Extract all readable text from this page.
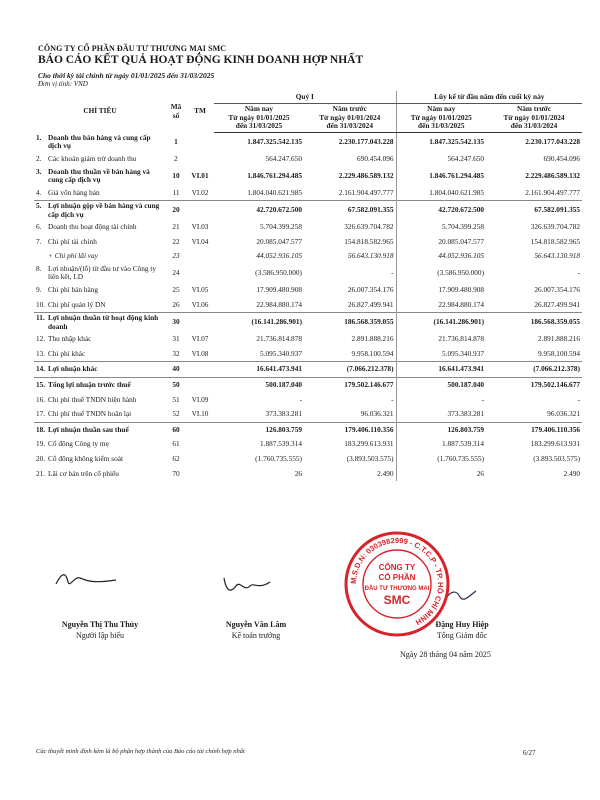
CÔNG TY CỔ PHẦN ĐẦU TƯ THƯƠNG MẠI SMC
BÁO CÁO KẾT QUẢ HOẠT ĐỘNG KINH DOANH HỢP NHẤT
Cho thời kỳ tài chính từ ngày 01/01/2025 đến 31/03/2025
Đơn vị tính: VND
CHỈ TIÊU	Mã số	TM	Quý I		Lũy kế từ đầu năm đến cuối kỳ này	
			Năm nay
Từ ngày 01/01/2025
đến 31/03/2025	Năm trước
Từ ngày 01/01/2024
đến 31/03/2024	Năm nay
Từ ngày 01/01/2025
đến 31/03/2025	Năm trước
Từ ngày 01/01/2024
đến 31/03/2024
1. Doanh thu bán hàng và cung cấp dịch vụ	1		1.847.325.542.135	2.230.177.043.228	1.847.325.542.135	2.230.177.043.228
2. Các khoản giảm trừ doanh thu	2		564.247.650	690.454.096	564.247.650	690.454.096
3. Doanh thu thuần về bán hàng và cung cấp dịch vụ	10	VI.01	1.846.761.294.485	2.229.486.589.132	1.846.761.294.485	2.229.486.589.132
4. Giá vốn hàng bán	11	VI.02	1.804.040.621.985	2.161.904.497.777	1.804.040.621.985	2.161.904.497.777
5. Lợi nhuận gộp về bán hàng và cung cấp dịch vụ	20		42.720.672.500	67.582.091.355	42.720.672.500	67.582.091.355
6. Doanh thu hoạt động tài chính	21	VI.03	5.704.399.258	326.639.704.782	5.704.399.258	326.639.704.782
7. Chi phí tài chính	22	VI.04	20.085.047.577	154.818.582.965	20.085.047.577	154.818.582.965
+ Chi phí lãi vay	23		44.052.936.105	56.643.130.918	44.052.936.105	56.643.130.918
8. Lợi nhuận/(lỗ) từ đầu tư vào Công ty liên kết, LD	24		(3.586.950.000)	-	(3.586.950.000)	-
9. Chi phí bán hàng	25	VI.05	17.909.480.908	26.007.354.176	17.909.480.908	26.007.354.176
10. Chi phí quản lý DN	26	VI.06	22.984.880.174	26.827.499.941	22.984.880.174	26.827.499.941
11. Lợi nhuận thuần từ hoạt động kinh doanh	30		(16.141.286.901)	186.568.359.055	(16.141.286.901)	186.568.359.055
12. Thu nhập khác	31	VI.07	21.736.814.878	2.891.888.216	21.736.814.878	2.891.888.216
13. Chi phí khác	32	VI.08	5.095.340.937	9.958.100.594	5.095.340.937	9.958.100.594
14. Lợi nhuận khác	40		16.641.473.941	(7.066.212.378)	16.641.473.941	(7.066.212.378)
15. Tổng lợi nhuận trước thuế	50		500.187.040	179.502.146.677	500.187.040	179.502.146.677
16. Chi phí thuế TNDN hiện hành	51	VI.09	-	-	-	-
17. Chi phí thuế TNDN hoãn lại	52	VI.10	373.383.281	96.036.321	373.383.281	96.036.321
18. Lợi nhuận thuần sau thuế	60		126.803.759	179.406.110.356	126.803.759	179.406.110.356
19. Cổ đông Công ty mẹ	61		1.887.539.314	183.299.613.931	1.887.539.314	183.299.613.931
20. Cổ đông không kiểm soát	62		(1.760.735.555)	(3.893.503.575)	(1.760.735.555)	(3.893.503.575)
21. Lãi cơ bản trên cổ phiếu	70		26	2.490	26	2.490
M.S.D.N: 0303982999 - C.T.C.P - TP. HỒ CHÍ MINH
CÔNG TY
CỔ PHẦN
ĐẦU TƯ THƯƠNG MẠI
SMC
Nguyễn Thị Thu Thủy
Người lập biểu
Nguyễn Văn Lâm
Kế toán trưởng
Đặng Huy Hiệp
Tổng Giám đốc
Ngày 28 tháng 04 năm 2025
Các thuyết minh đính kèm là bộ phận hợp thành của Báo cáo tài chính hợp nhất	6/27
